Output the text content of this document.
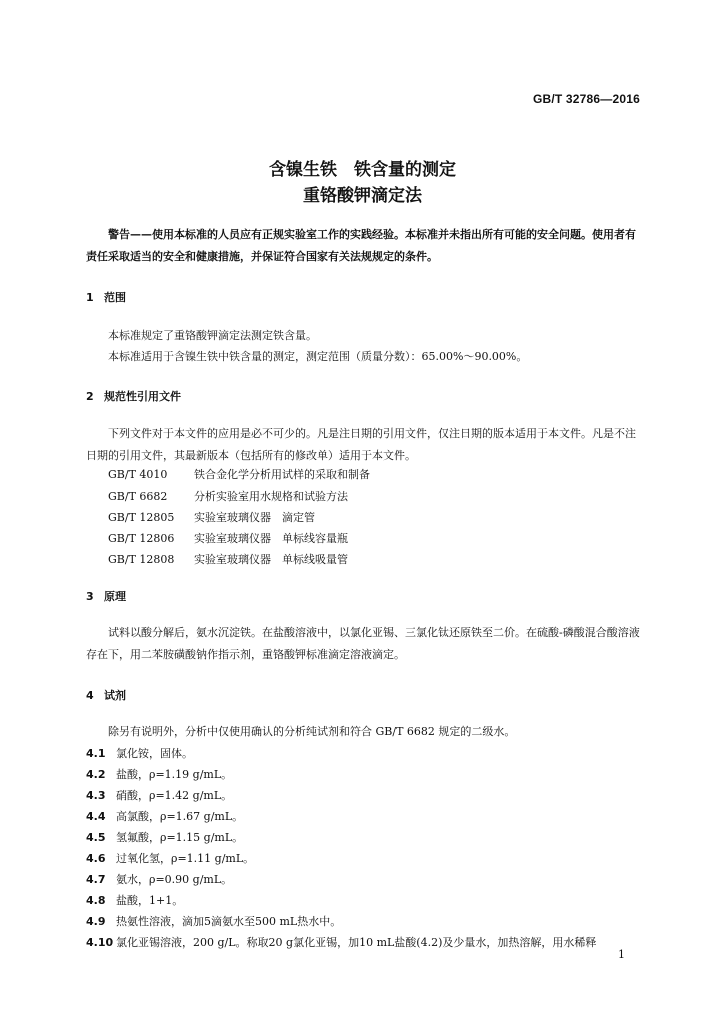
GB/T 32786—2016
含镍生铁　铁含量的测定
重铬酸钾滴定法
警告——使用本标准的人员应有正规实验室工作的实践经验。本标准并未指出所有可能的安全问题。使用者有责任采取适当的安全和健康措施，并保证符合国家有关法规规定的条件。
1 范围
本标准规定了重铬酸钾滴定法测定铁含量。
本标准适用于含镍生铁中铁含量的测定，测定范围（质量分数）：65.00%～90.00%。
2 规范性引用文件
下列文件对于本文件的应用是必不可少的。凡是注日期的引用文件，仅注日期的版本适用于本文件。凡是不注日期的引用文件，其最新版本（包括所有的修改单）适用于本文件。
GB/T 4010 铁合金化学分析用试样的采取和制备
GB/T 6682 分析实验室用水规格和试验方法
GB/T 12805 实验室玻璃仪器　滴定管
GB/T 12806 实验室玻璃仪器　单标线容量瓶
GB/T 12808 实验室玻璃仪器　单标线吸量管
3 原理
试料以酸分解后，氨水沉淀铁。在盐酸溶液中，以氯化亚锡、三氯化钛还原铁至二价。在硫酸-磷酸混合酸溶液存在下，用二苯胺磺酸钠作指示剂，重铬酸钾标准滴定溶液滴定。
4 试剂
除另有说明外，分析中仅使用确认的分析纯试剂和符合 GB/T 6682 规定的二级水。
4.1 氯化铵，固体。
4.2 盐酸，ρ=1.19 g/mL。
4.3 硝酸，ρ=1.42 g/mL。
4.4 高氯酸，ρ=1.67 g/mL。
4.5 氢氟酸，ρ=1.15 g/mL。
4.6 过氧化氢，ρ=1.11 g/mL。
4.7 氨水，ρ=0.90 g/mL。
4.8 盐酸，1+1。
4.9 热氨性溶液，滴加5滴氨水至500 mL热水中。
4.10 氯化亚锡溶液，200 g/L。称取20 g氯化亚锡，加10 mL盐酸(4.2)及少量水，加热溶解，用水稀释
1
